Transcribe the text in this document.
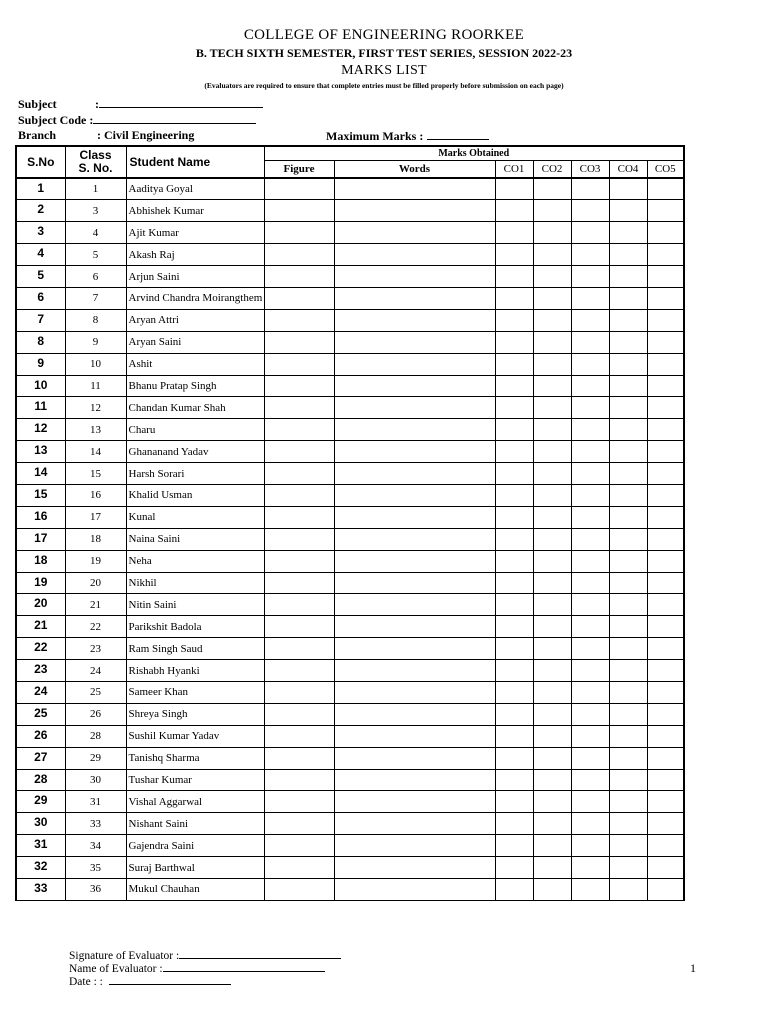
COLLEGE OF ENGINEERING ROORKEE
B. TECH SIXTH SEMESTER, FIRST TEST SERIES, SESSION 2022-23
MARKS LIST
(Evaluators are required to ensure that complete entries must be filled properly before submission on each page)
Subject	:
Subject Code :
Branch	: Civil Engineering	Maximum Marks :
S.No	Class
S. No.	Student Name	Marks Obtained						
			Figure	Words	CO1	CO2	CO3	CO4	CO5
1	1	Aaditya Goyal							
2	3	Abhishek Kumar							
3	4	Ajit Kumar							
4	5	Akash Raj							
5	6	Arjun Saini							
6	7	Arvind Chandra Moirangthem							
7	8	Aryan Attri							
8	9	Aryan Saini							
9	10	Ashit							
10	11	Bhanu Pratap Singh							
11	12	Chandan Kumar Shah							
12	13	Charu							
13	14	Ghananand Yadav							
14	15	Harsh Sorari							
15	16	Khalid Usman							
16	17	Kunal							
17	18	Naina Saini							
18	19	Neha							
19	20	Nikhil							
20	21	Nitin Saini							
21	22	Parikshit Badola							
22	23	Ram Singh Saud							
23	24	Rishabh Hyanki							
24	25	Sameer Khan							
25	26	Shreya Singh							
26	28	Sushil Kumar Yadav							
27	29	Tanishq Sharma							
28	30	Tushar Kumar							
29	31	Vishal Aggarwal							
30	33	Nishant Saini							
31	34	Gajendra Saini							
32	35	Suraj Barthwal							
33	36	Mukul Chauhan							
Signature of Evaluator :
Name of Evaluator :
Date : :
1
